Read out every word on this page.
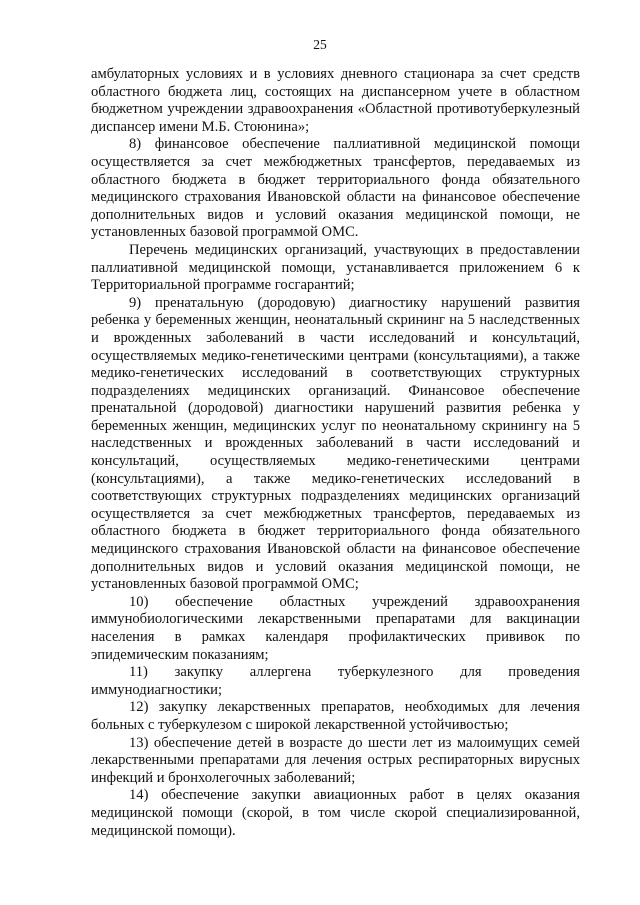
25

амбулаторных условиях и в условиях дневного стационара за счет средств областного бюджета лиц, состоящих на диспансерном учете в областном бюджетном учреждении здравоохранения «Областной противотуберкулезный диспансер имени М.Б. Стоюнина»;

8) финансовое обеспечение паллиативной медицинской помощи осуществляется за счет межбюджетных трансфертов, передаваемых из областного бюджета в бюджет территориального фонда обязательного медицинского страхования Ивановской области на финансовое обеспечение дополнительных видов и условий оказания медицинской помощи, не установленных базовой программой ОМС.

Перечень медицинских организаций, участвующих в предоставлении паллиативной медицинской помощи, устанавливается приложением 6 к Территориальной программе госгарантий;

9) пренатальную (дородовую) диагностику нарушений развития ребенка у беременных женщин, неонатальный скрининг на 5 наследственных и врожденных заболеваний в части исследований и консультаций, осуществляемых медико-генетическими центрами (консультациями), а также медико-генетических исследований в соответствующих структурных подразделениях медицинских организаций. Финансовое обеспечение пренатальной (дородовой) диагностики нарушений развития ребенка у беременных женщин, медицинских услуг по неонатальному скринингу на 5 наследственных и врожденных заболеваний в части исследований и консультаций, осуществляемых медико-генетическими центрами (консультациями), а также медико-генетических исследований в соответствующих структурных подразделениях медицинских организаций осуществляется за счет межбюджетных трансфертов, передаваемых из областного бюджета в бюджет территориального фонда обязательного медицинского страхования Ивановской области на финансовое обеспечение дополнительных видов и условий оказания медицинской помощи, не установленных базовой программой ОМС;

10) обеспечение областных учреждений здравоохранения иммунобиологическими лекарственными препаратами для вакцинации населения в рамках календаря профилактических прививок по эпидемическим показаниям;

11) закупку аллергена туберкулезного для проведения иммунодиагностики;

12) закупку лекарственных препаратов, необходимых для лечения больных с туберкулезом с широкой лекарственной устойчивостью;

13) обеспечение детей в возрасте до шести лет из малоимущих семей лекарственными препаратами для лечения острых респираторных вирусных инфекций и бронхолегочных заболеваний;

14) обеспечение закупки авиационных работ в целях оказания медицинской помощи (скорой, в том числе скорой специализированной, медицинской помощи).
